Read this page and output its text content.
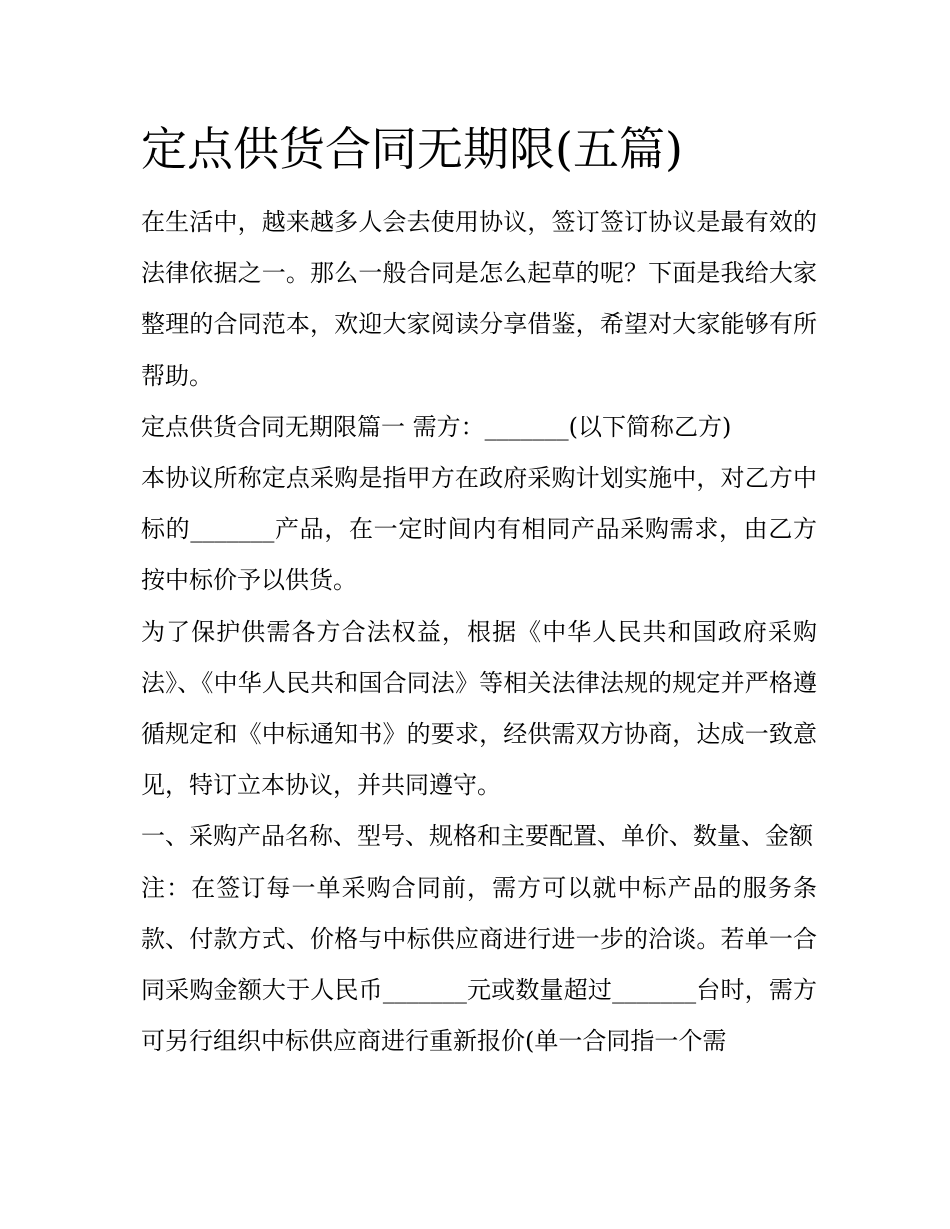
定点供货合同无期限(五篇)

在生活中，越来越多人会去使用协议，签订签订协议是最有效的法律依据之一。那么一般合同是怎么起草的呢？下面是我给大家整理的合同范本，欢迎大家阅读分享借鉴，希望对大家能够有所帮助。

定点供货合同无期限篇一 需方：_______(以下简称乙方)

本协议所称定点采购是指甲方在政府采购计划实施中，对乙方中标的_______产品，在一定时间内有相同产品采购需求，由乙方按中标价予以供货。

为了保护供需各方合法权益，根据《中华人民共和国政府采购法》、《中华人民共和国合同法》等相关法律法规的规定并严格遵循规定和《中标通知书》的要求，经供需双方协商，达成一致意见，特订立本协议，并共同遵守。

一、采购产品名称、型号、规格和主要配置、单价、数量、金额

注：在签订每一单采购合同前，需方可以就中标产品的服务条款、付款方式、价格与中标供应商进行进一步的洽谈。若单一合同采购金额大于人民币_______元或数量超过_______台时，需方可另行组织中标供应商进行重新报价(单一合同指一个需
